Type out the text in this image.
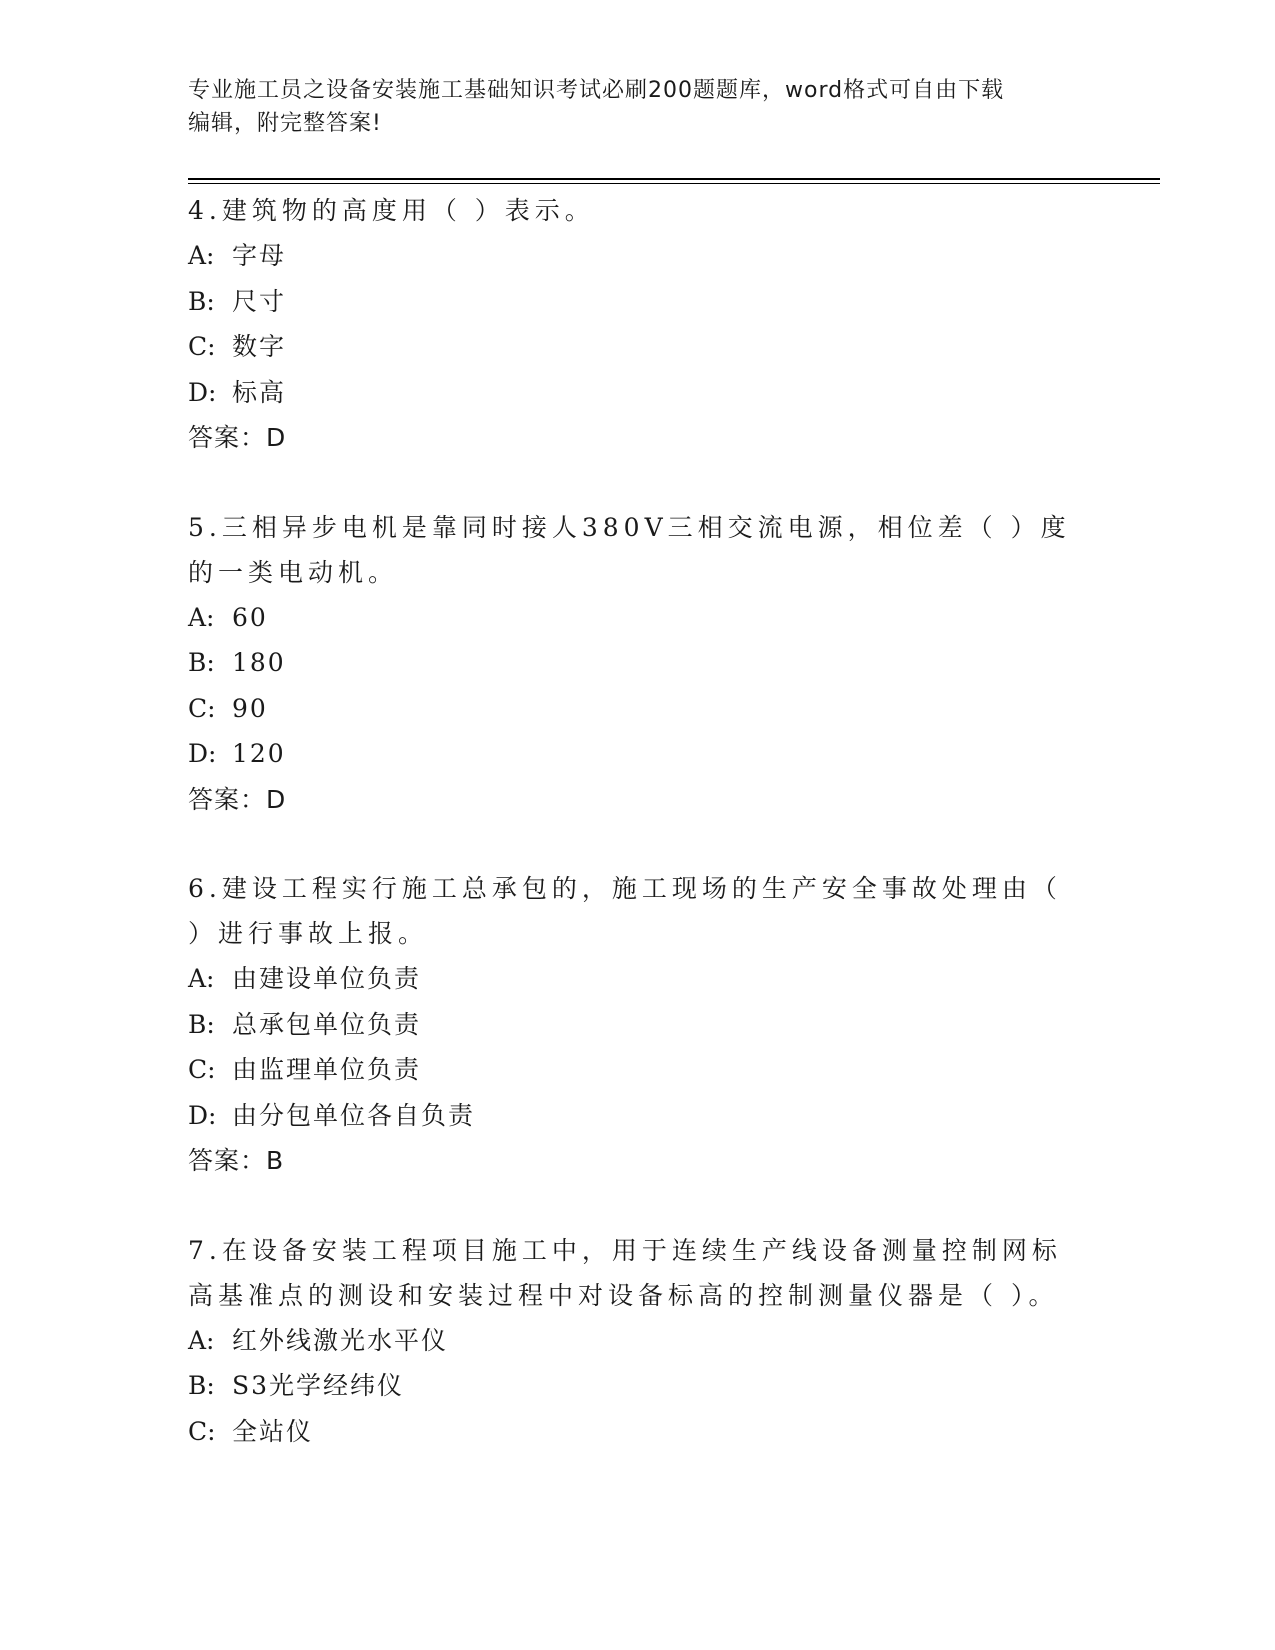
专业施工员之设备安装施工基础知识考试必刷200题题库，word格式可自由下载
编辑，附完整答案!

4.建筑物的高度用（ ）表示。

A: 字母
B: 尺寸
C: 数字
D: 标高
答案：D

5.三相异步电机是靠同时接人380V三相交流电源，相位差（ ）度的一类电动机。

A: 60
B: 180
C: 90
D: 120
答案：D

6.建设工程实行施工总承包的，施工现场的生产安全事故处理由（ ）进行事故上报。

A: 由建设单位负责
B: 总承包单位负责
C: 由监理单位负责
D: 由分包单位各自负责
答案：B

7.在设备安装工程项目施工中，用于连续生产线设备测量控制网标高基准点的测设和安装过程中对设备标高的控制测量仪器是（ ）。

A: 红外线激光水平仪
B: S3光学经纬仪
C: 全站仪
